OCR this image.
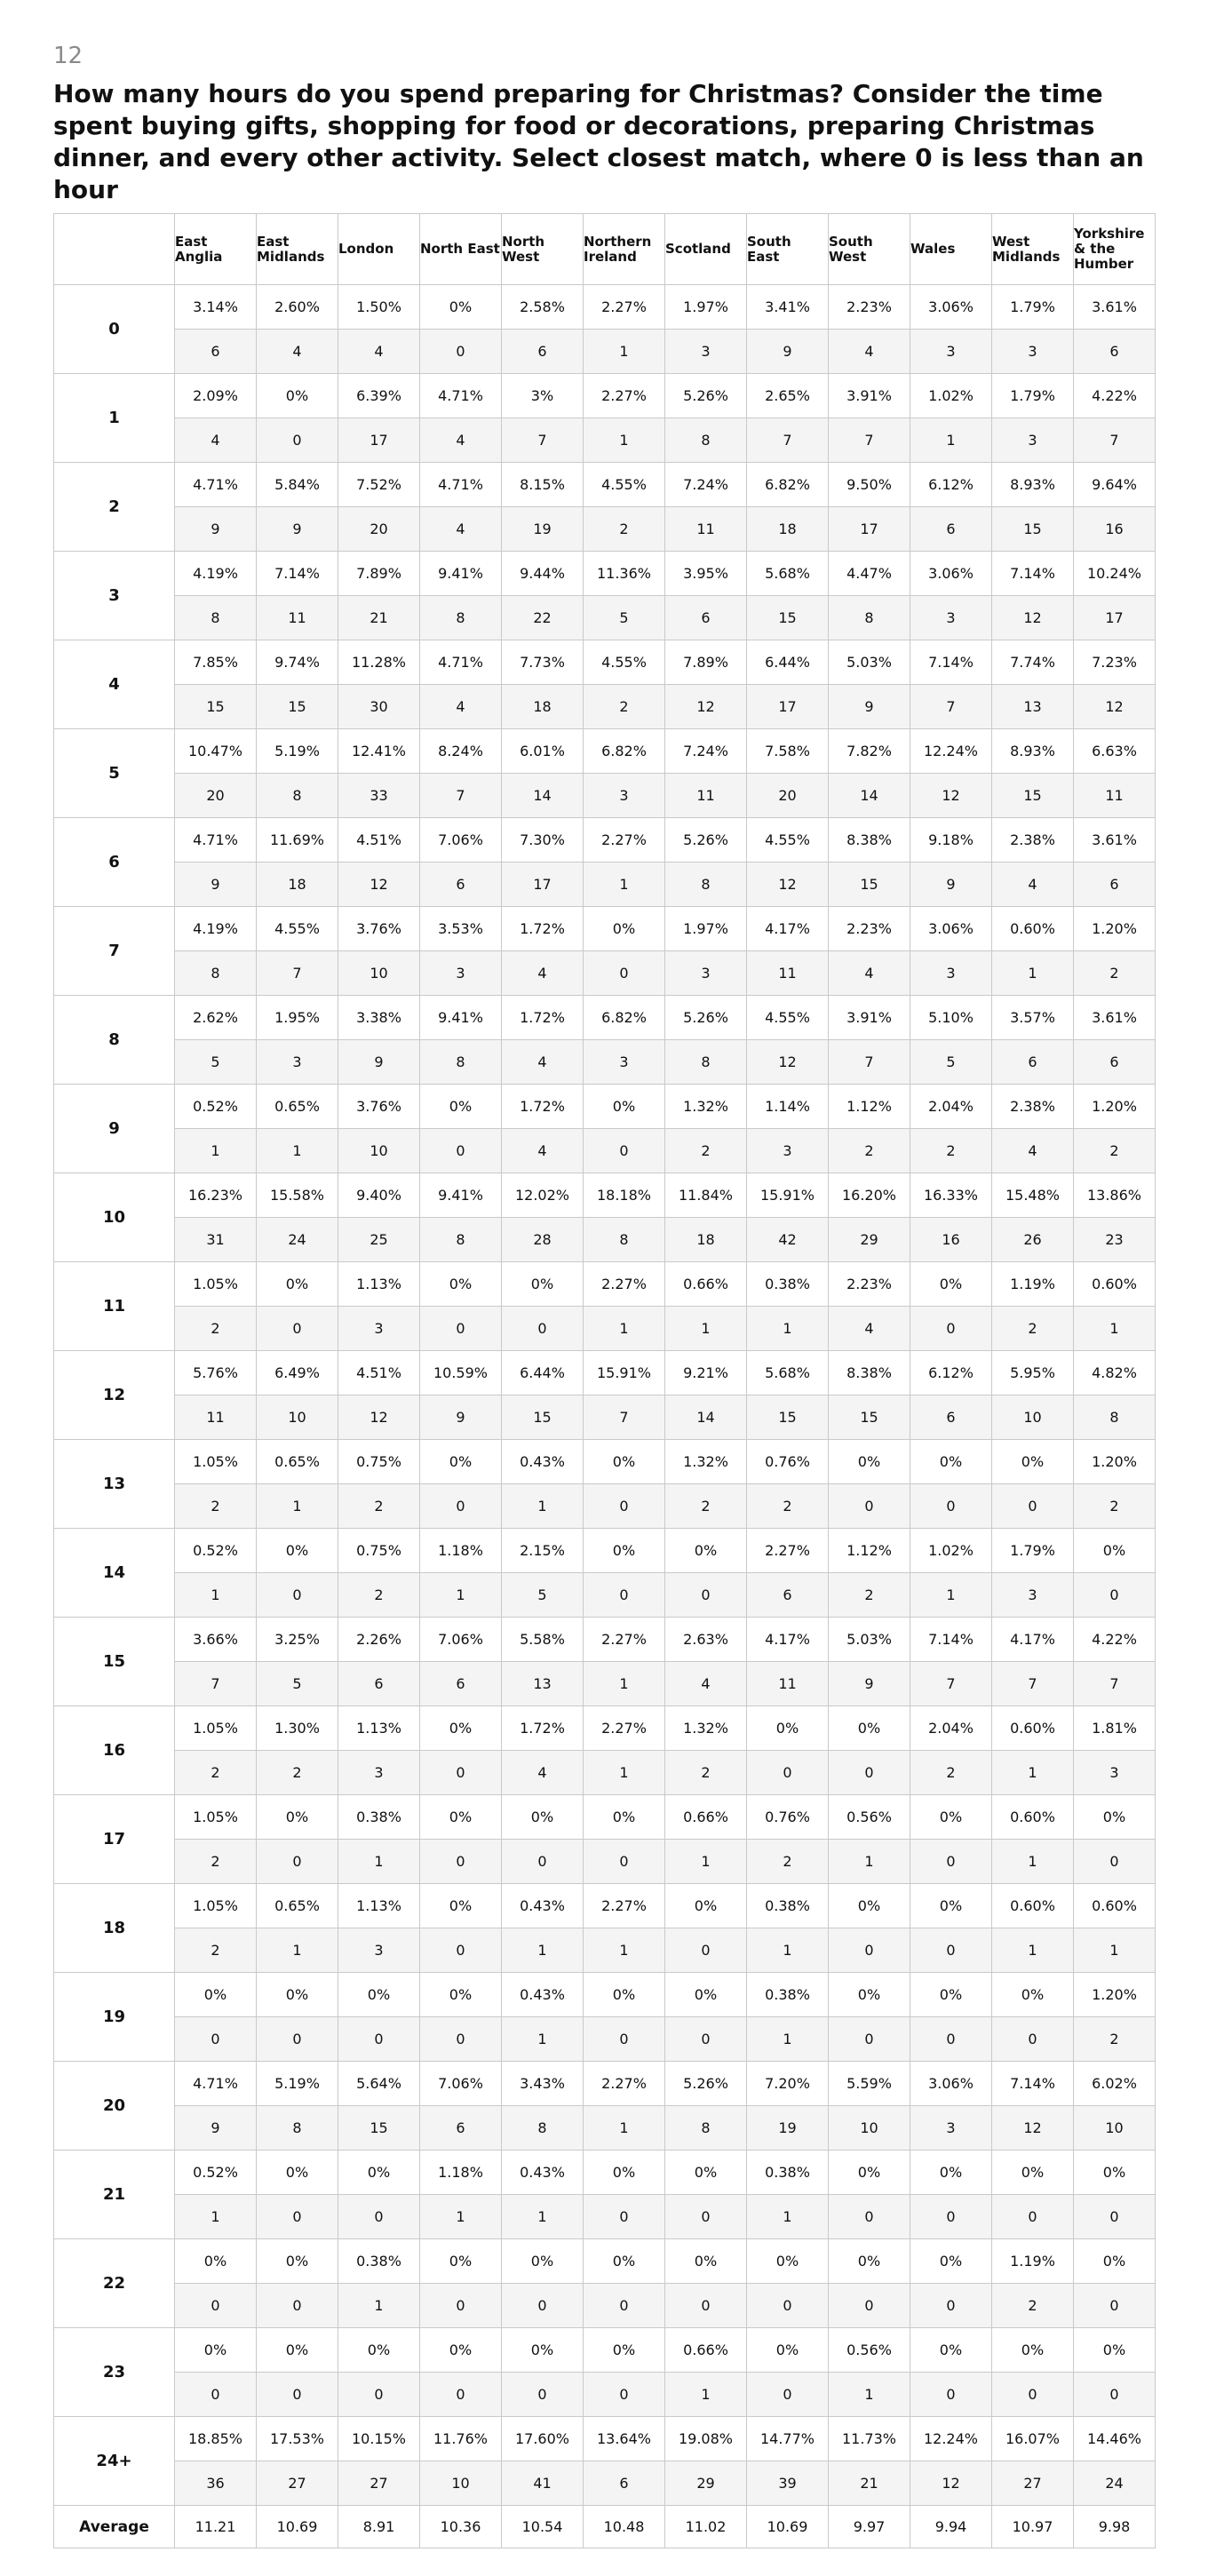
12
How many hours do you spend preparing for Christmas? Consider the time spent buying gifts, shopping for food or decorations, preparing Christmas dinner, and every other activity. Select closest match, where 0 is less than an hour
	East Anglia	East Midlands	London	North East	North West	Northern Ireland	Scotland	South East	South West	Wales	West Midlands	Yorkshire & the Humber
0	3.14%	2.60%	1.50%	0%	2.58%	2.27%	1.97%	3.41%	2.23%	3.06%	1.79%	3.61%
	6	4	4	0	6	1	3	9	4	3	3	6
1	2.09%	0%	6.39%	4.71%	3%	2.27%	5.26%	2.65%	3.91%	1.02%	1.79%	4.22%
	4	0	17	4	7	1	8	7	7	1	3	7
2	4.71%	5.84%	7.52%	4.71%	8.15%	4.55%	7.24%	6.82%	9.50%	6.12%	8.93%	9.64%
	9	9	20	4	19	2	11	18	17	6	15	16
3	4.19%	7.14%	7.89%	9.41%	9.44%	11.36%	3.95%	5.68%	4.47%	3.06%	7.14%	10.24%
	8	11	21	8	22	5	6	15	8	3	12	17
4	7.85%	9.74%	11.28%	4.71%	7.73%	4.55%	7.89%	6.44%	5.03%	7.14%	7.74%	7.23%
	15	15	30	4	18	2	12	17	9	7	13	12
5	10.47%	5.19%	12.41%	8.24%	6.01%	6.82%	7.24%	7.58%	7.82%	12.24%	8.93%	6.63%
	20	8	33	7	14	3	11	20	14	12	15	11
6	4.71%	11.69%	4.51%	7.06%	7.30%	2.27%	5.26%	4.55%	8.38%	9.18%	2.38%	3.61%
	9	18	12	6	17	1	8	12	15	9	4	6
7	4.19%	4.55%	3.76%	3.53%	1.72%	0%	1.97%	4.17%	2.23%	3.06%	0.60%	1.20%
	8	7	10	3	4	0	3	11	4	3	1	2
8	2.62%	1.95%	3.38%	9.41%	1.72%	6.82%	5.26%	4.55%	3.91%	5.10%	3.57%	3.61%
	5	3	9	8	4	3	8	12	7	5	6	6
9	0.52%	0.65%	3.76%	0%	1.72%	0%	1.32%	1.14%	1.12%	2.04%	2.38%	1.20%
	1	1	10	0	4	0	2	3	2	2	4	2
10	16.23%	15.58%	9.40%	9.41%	12.02%	18.18%	11.84%	15.91%	16.20%	16.33%	15.48%	13.86%
	31	24	25	8	28	8	18	42	29	16	26	23
11	1.05%	0%	1.13%	0%	0%	2.27%	0.66%	0.38%	2.23%	0%	1.19%	0.60%
	2	0	3	0	0	1	1	1	4	0	2	1
12	5.76%	6.49%	4.51%	10.59%	6.44%	15.91%	9.21%	5.68%	8.38%	6.12%	5.95%	4.82%
	11	10	12	9	15	7	14	15	15	6	10	8
13	1.05%	0.65%	0.75%	0%	0.43%	0%	1.32%	0.76%	0%	0%	0%	1.20%
	2	1	2	0	1	0	2	2	0	0	0	2
14	0.52%	0%	0.75%	1.18%	2.15%	0%	0%	2.27%	1.12%	1.02%	1.79%	0%
	1	0	2	1	5	0	0	6	2	1	3	0
15	3.66%	3.25%	2.26%	7.06%	5.58%	2.27%	2.63%	4.17%	5.03%	7.14%	4.17%	4.22%
	7	5	6	6	13	1	4	11	9	7	7	7
16	1.05%	1.30%	1.13%	0%	1.72%	2.27%	1.32%	0%	0%	2.04%	0.60%	1.81%
	2	2	3	0	4	1	2	0	0	2	1	3
17	1.05%	0%	0.38%	0%	0%	0%	0.66%	0.76%	0.56%	0%	0.60%	0%
	2	0	1	0	0	0	1	2	1	0	1	0
18	1.05%	0.65%	1.13%	0%	0.43%	2.27%	0%	0.38%	0%	0%	0.60%	0.60%
	2	1	3	0	1	1	0	1	0	0	1	1
19	0%	0%	0%	0%	0.43%	0%	0%	0.38%	0%	0%	0%	1.20%
	0	0	0	0	1	0	0	1	0	0	0	2
20	4.71%	5.19%	5.64%	7.06%	3.43%	2.27%	5.26%	7.20%	5.59%	3.06%	7.14%	6.02%
	9	8	15	6	8	1	8	19	10	3	12	10
21	0.52%	0%	0%	1.18%	0.43%	0%	0%	0.38%	0%	0%	0%	0%
	1	0	0	1	1	0	0	1	0	0	0	0
22	0%	0%	0.38%	0%	0%	0%	0%	0%	0%	0%	1.19%	0%
	0	0	1	0	0	0	0	0	0	0	2	0
23	0%	0%	0%	0%	0%	0%	0.66%	0%	0.56%	0%	0%	0%
	0	0	0	0	0	0	1	0	1	0	0	0
24+	18.85%	17.53%	10.15%	11.76%	17.60%	13.64%	19.08%	14.77%	11.73%	12.24%	16.07%	14.46%
	36	27	27	10	41	6	29	39	21	12	27	24
Average	11.21	10.69	8.91	10.36	10.54	10.48	11.02	10.69	9.97	9.94	10.97	9.98
